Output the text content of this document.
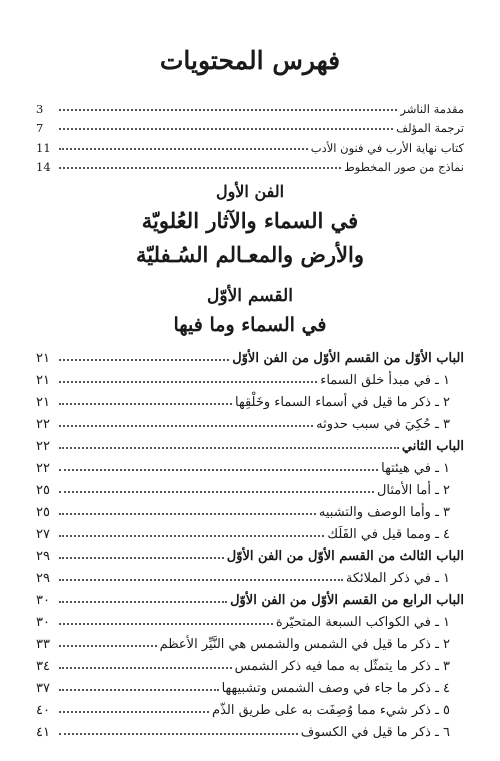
فهرس المحتويات
مقدمة الناشر
3
ترجمة المؤلف
7
كتاب نهاية الأرب في فنون الأدب
11
نماذج من صور المخطوط
14
الفن الأول
في السماء والآثار العُلويّة
والأرض والمعـالم السُـفليّة
القسم الأوّل
في السماء وما فيها
الباب الأوّل من القسم الأوّل من الفن الأوّل
٢١
١ ـ في مبدأ خلق السماء
٢١
٢ ـ ذكر ما قيل في أسماء السماء وخَلْقِها
٢١
٣ ـ حُكِيَ في سبب حدوثه
٢٢
الباب الثاني
٢٢
١ ـ في هيئتها
٢٢
٢ ـ أما الأمثال
٢٥
٣ ـ وأما الوصف والتشبيه
٢٥
٤ ـ ومما قيل في الفَلَك
٢٧
الباب الثالث من القسم الأوّل من الفن الأوّل
٢٩
١ ـ في ذكر الملائكة
٢٩
الباب الرابع من القسم الأوّل من الفن الأوّل
٣٠
١ ـ في الكواكب السبعة المتحيّرة
٣٠
٢ ـ ذكر ما قيل في الشمس والشمس هي النَّيِّر الأعظم
٣٣
٣ ـ ذكر ما يتمثّل به مما فيه ذكر الشمس
٣٤
٤ ـ ذكر ما جاء في وصف الشمس وتشبيهها
٣٧
٥ ـ ذكر شيء مما وُصِفَت به على طريق الذّم
٤٠
٦ ـ ذكر ما قيل في الكسوف
٤١
